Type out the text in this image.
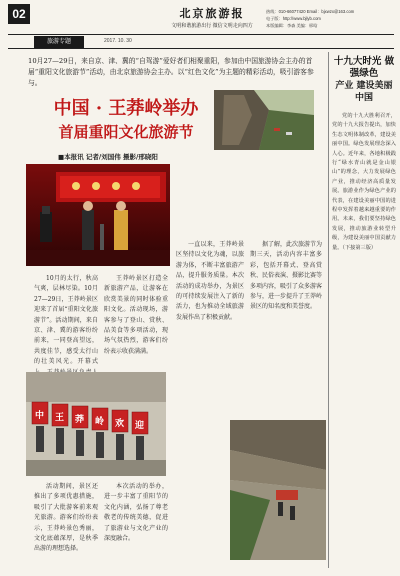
02
旅游专题
北京旅游报
文明和谐旅游出行 微信文明走向四方
2017. 10. 30
热线：010-66077420 Email：bjxwzx@163.com
电子版：http://www.bjlyb.com
本版编辑：李森 美编：邢晗
10月27—29日，来自京、津、冀的“自驾游”爱好者们相聚重阳，参加由中国旅游协会主办的首届“重阳文化旅游节”活动，由北京旅游协会主办。以“红色文化”为主题的精彩活动，吸引游客参与。
中国 · 王莽岭举办
首届重阳文化旅游节
■本报讯 记者/刘国伟 摄影/邢晓阳

10月的太行，秋高气爽，层林尽染。10月27—29日，王莽岭景区迎来了首届“重阳文化旅游节”。活动期间，来自京、津、冀的游客纷纷前来，一同登高望远，共度佳节，感受太行山的壮美风光。开幕式

王莽岭景区打造全新旅游产品，让游客在欣赏美景的同时体验重阳文化。活动现场，游客参与了登山、赏秋、品美食等多项活动，现场气氛热烈，游客们纷纷表示收获满满。

一直以来，王莽岭景区坚持以文化为魂，以旅游为体，不断丰富旅游产品，提升服务质量。本次活动的成功举办，为景区的可持续发展注入了新的活力，也为推动全域旅游发展作出了积极贡献。

据了解，此次旅游节为期三天，活动内容丰富多彩，包括开幕式、登高赏秋、民俗表演、摄影比赛等多项内容，吸引了众多游客参与，进一步提升了王莽岭景区的知名度和美誉度。

中 王 莽 岭 欢 迎

活动期间，景区还推出了多项优惠措施，吸引了大批游客前来观光旅游。游客们纷纷表示，王莽岭景色秀丽，文化底蕴深厚，是秋季出游的理想选择。

本次活动的举办，进一步丰富了重阳节的文化内涵，弘扬了尊老敬老的传统美德，促进了旅游业与文化产业的深度融合。

十九大时光 做强绿色
产业 建设美丽中国

党的十九大胜利召开，党的十九大报告提出，加快生态文明体制改革，建设美丽中国。绿色发展理念深入人心。近年来，各地积极践行“绿水青山就是金山银山”的理念，大力发展绿色产业，推动经济高质量发展。旅游业作为绿色产业的代表，在建设美丽中国的进程中发挥着越来越重要的作用。未来，我们要坚持绿色发展，推动旅游业转型升级，为建设美丽中国贡献力量。（下接第三版）
